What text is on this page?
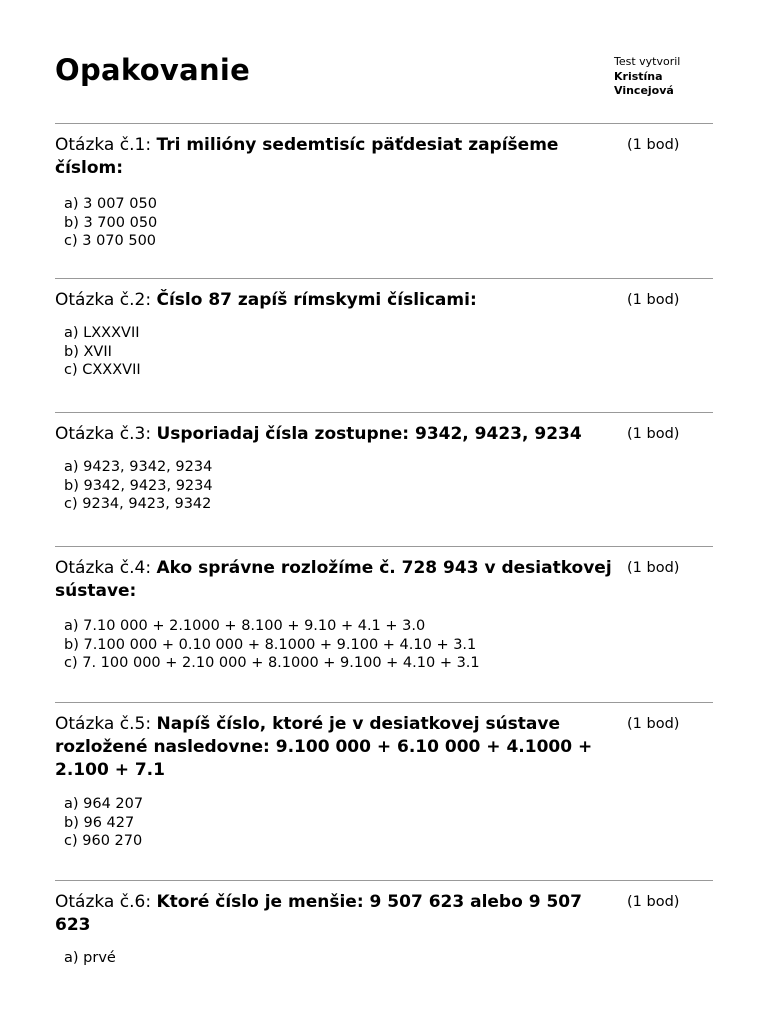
Opakovanie	Test vytvoril
Kristína
Vincejová
Otázka č.1: Tri milióny sedemtisíc päťdesiat zapíšeme číslom:
(1 bod)
a) 3 007 050
b) 3 700 050
c) 3 070 500
Otázka č.2: Číslo 87 zapíš rímskymi číslicami:	(1 bod)
a) LXXXVII
b) XVII
c) CXXXVII
Otázka č.3: Usporiadaj čísla zostupne: 9342, 9423, 9234	(1 bod)
a) 9423, 9342, 9234
b) 9342, 9423, 9234
c) 9234, 9423, 9342
Otázka č.4: Ako správne rozložíme č. 728 943 v desiatkovej sústave:
(1 bod)
a) 7.10 000 + 2.1000 + 8.100 + 9.10 + 4.1 + 3.0
b) 7.100 000 + 0.10 000 + 8.1000 + 9.100 + 4.10 + 3.1
c) 7. 100 000 + 2.10 000 + 8.1000 + 9.100 + 4.10 + 3.1
Otázka č.5: Napíš číslo, ktoré je v desiatkovej sústave rozložené nasledovne: 9.100 000 + 6.10 000 + 4.1000 + 2.100 + 7.1
(1 bod)
a) 964 207
b) 96 427
c) 960 270
Otázka č.6: Ktoré číslo je menšie: 9 507 623 alebo 9 507 623
(1 bod)
a) prvé
